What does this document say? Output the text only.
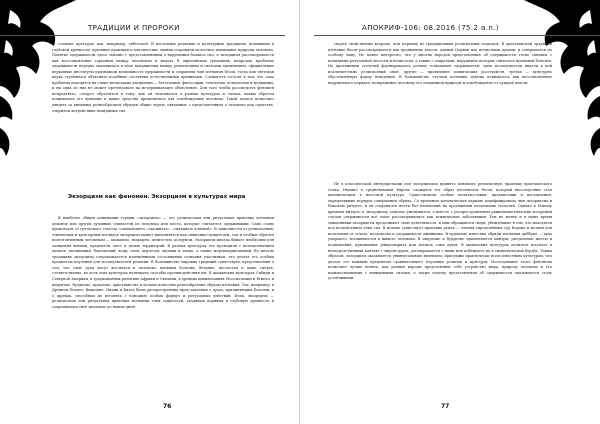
ТРАДИЦИИ И ПРОРОКИ

сточные культуры, как, например, тибетской. В восточных религиях и культурных традициях, возникших в глубокой древности, духовные практики и мистические знания сохраняли целостное понимание природы человека. Понятие одержимости здесь связано с представлениями о нарушении баланса сил, а экзорцизм рассматривается как восстановление гармонии между человеком и миром. В европейских традициях, напротив, проблема одержимости нередко оказывалась в поле напряжения между религиозным и светским мышлением: официальные церковные институты признавали возможность одержимости и сохраняли чин изгнания бесов, тогда как светская наука стремилась объяснить подобные состояния естественными причинами. Сложность состоит в том, что сама проблема находится на стыке нескольких дисциплин — богословия, философии, этнологии, психологии и медицины, и ни одна из них не может претендовать на исчерпывающее объяснение. Для того чтобы рассмотреть феномен непредвзято, следует обратиться к тому, как он описывался в разных культурах и эпохах, каким образом понимались его причины и какие средства применялись для освобождения человека. Такой подход позволяет увидеть за внешним разнообразием обрядов общие черты, связанные с представлением о человеке как существе, открытом воздействию невидимых сил.

Экзорцизм как феномен. Экзорцизм в культурах мира

В наиболее общем понимании термин «экзорцизм» — это религиозная или ритуальная практика изгнания демонов или других духовных сущностей из человека или места, которые считаются одержимыми. Само слово происходит от греческого глагола, означающего «заклинать», «связывать клятвой». В зависимости от религиозных, этнических и культурных взглядов экзорцизм может выполняться как священнослужителем, так и особым образом подготовленным человеком — шаманом, знахарем, целителем, колдуном. Экзорцизм иногда бывает необходим для очищения жилищ, предметов, мест и целых территорий. В разных культурах его проводили с использованием молитв, заклинаний, благовоний, воды, огня, амулетов, музыки и танца, а также жертвоприношений. Во многих традициях экзорцизм сопровождается изменёнными состояниями сознания участников, что делает его особым предметом изучения для исследователей религии. В большинстве мировых традиций существуют представления о том, что злые духи могут вселяться в человека, вызывая болезни, безумие, несчастья и даже смерть; соответственно, во всех этих культурах возникали способы противодействия им. В шаманских культурах Сибири и Северной Америки, в традиционных религиях Африки и Океании, в древних цивилизациях Месопотамии и Египта, в индуизме, буддизме, иудаизме, христианстве и исламе известны разнообразные обряды изгнания. Так, например, в Древнем Египте, Вавилоне, Индии и Китае были распространены представления о духах, причиняющих болезни, и о жрецах, способных их изгонять с помощью особых формул и ритуальных действий. Итак, экзорцизм — религиозная или ритуальная практика изгнания злых сущностей, уходящая корнями в глубокую древность и сохраняющая своё значение до наших дней.

76
АПОКРИФ-106: 08.2016 (75.2 a.n.)

скорее свойственны второму, чем первому из традиционных религиозных подходов. В христианской традиции изгнание бесов рассматривается как проявление власти, данной Церкви над нечистыми духами, и совершается по особому чину. Не менее интересно, что у многих народов представления об одержимости тесно связаны с понятиями ритуальной чистоты и нечистоты, а также с запретами, нарушение которых считалось причиной болезни. На протяжении столетий формировались разные толкования одержимости: одни исследователи видели в ней исключительно религиозный опыт, другие — проявление психических расстройств, третьи — культурно обусловленную форму поведения. В большинстве случаев изгнание демона понималось как восстановление нарушенного порядка, возвращение человеку его подлинной природы и освобождение от чуждой власти.

Не в классической интерпретации под экзорцизмом принято понимать религиозную практику христианского толка. Именно в средневековой Европе сложился тот образ изгонителя бесов, который впоследствии стал каноническим в массовой культуре. Существовали особые молитвословия, предписания и наставления, определявшие порядок совершения обряда. Со временем католическая церковь кодифицировала чин экзорцизма в Римском ритуале, и он сохранялся почти без изменений на протяжении нескольких столетий. Однако к Новому времени интерес к экзорцизму заметно уменьшился, а вместе с распространением рационалистических воззрений случаи одержимости всё чаще рассматривались как психические заболевания. Тем не менее и в наше время священники-экзорцисты продолжают свою деятельность, к ним обращаются люди, убеждённые в том, что находятся под воздействием злых сил. В исламе существует практика рукъя — чтения определённых сур Корана и молитв для исцеления от сглаза, колдовства и одержимости джиннами. В иудаизме известны обряды изгнания диббука — духа умершего, вселившегося в живого человека. В индуизме и буддизме применяются мантры, ритуальные жесты и подношения, призванные умиротворить или изгнать злых духов. В шаманских культурах целитель вступает в непосредственный контакт с миром духов, договаривается с ними или побеждает их в символической борьбе. Таким образом, экзорцизм оказывается универсальным явлением, присущим практически всем известным культурам, что делает его важным предметом сравнительного изучения религии и культуры. Исследование этого феномена позволяет лучше понять, как разные народы представляли себе устройство мира, природу человека и его взаимоотношения с невидимыми силами, а также почему представления об одержимости оказываются столь устойчивыми.

77
